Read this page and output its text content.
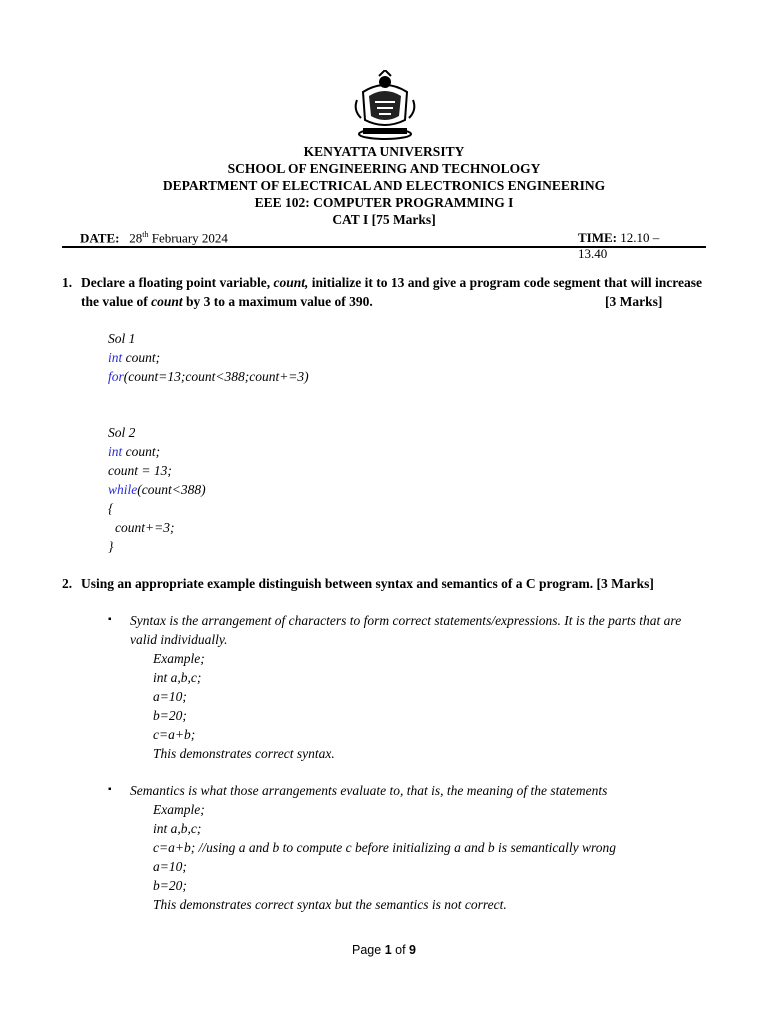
KENYATTA UNIVERSITY
SCHOOL OF ENGINEERING AND TECHNOLOGY
DEPARTMENT OF ELECTRICAL AND ELECTRONICS ENGINEERING
EEE 102: COMPUTER PROGRAMMING I
CAT I [75 Marks]
DATE: 28th February 2024	TIME: 12.10 – 13.40
1. Declare a floating point variable, count, initialize it to 13 and give a program code segment that will increase the value of count by 3 to a maximum value of 390.	[3 Marks]
Sol 1
int count;
for(count=13;count<388;count+=3)
Sol 2
int count;
count = 13;
while(count<388)
{
count+=3;
}
2. Using an appropriate example distinguish between syntax and semantics of a C program. [3 Marks]
▪ Syntax is the arrangement of characters to form correct statements/expressions. It is the parts that are valid individually.
Example;
int a,b,c;
a=10;
b=20;
c=a+b;
This demonstrates correct syntax.
▪ Semantics is what those arrangements evaluate to, that is, the meaning of the statements
Example;
int a,b,c;
c=a+b; //using a and b to compute c before initializing a and b is semantically wrong
a=10;
b=20;
This demonstrates correct syntax but the semantics is not correct.
Page 1 of 9
